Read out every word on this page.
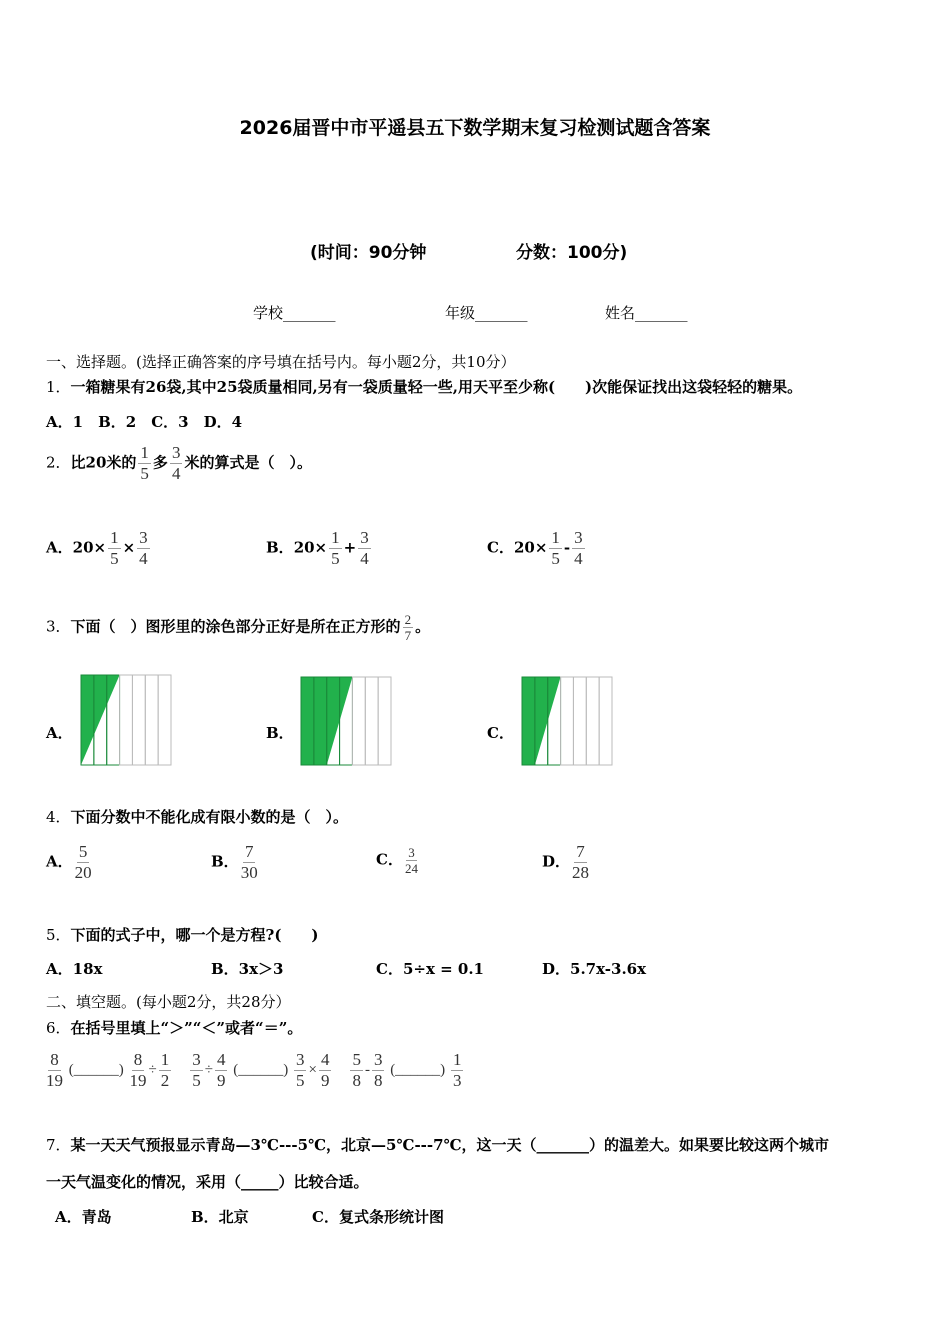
2026届晋中市平遥县五下数学期末复习检测试题含答案
(时间：90分钟	分数：100分)
学校_______	年级_______	姓名_______
一、选择题。(选择正确答案的序号填在括号内。每小题2分，共10分）
1．一箱糖果有26袋,其中25袋质量相同,另有一袋质量轻一些,用天平至少称(　　)次能保证找出这袋轻轻的糖果。
A．1　B．2　C．3　D．4
2．比20米的 $\frac{1}{5}$ 多 $\frac{3}{4}$ 米的算式是（　）。
A．$20\times \frac{1}{5} \times \frac{3}{4}$	B．$20\times \frac{1}{5} + \frac{3}{4}$	C．$20\times \frac{1}{5} - \frac{3}{4}$
3．下面（　）图形里的涂色部分正好是所在正方形的 $\frac{2}{7}$ 。
A．	B．	C．
4．下面分数中不能化成有限小数的是（　）。
A． $\frac{5}{20}$	B． $\frac{7}{30}$	C． $\frac{3}{24}$	D． $\frac{7}{28}$
5．下面的式子中，哪一个是方程?(　　)
A．18x	B．3x＞3	C．5÷x = 0.1	D．5.7x-3.6x
二、填空题。(每小题2分，共28分）
6．在括号里填上“＞”“＜”或者“＝”。
$\frac{8}{19}$ (______) $\frac{8}{19} \div \frac{1}{2}$
$\frac{3}{5} \div \frac{4}{9}$ (______) $\frac{3}{5} \times \frac{4}{9}$
$\frac{5}{8} - \frac{3}{8}$ (______) $\frac{1}{3}$
7．某一天天气预报显示青岛—3℃---5℃，北京—5℃---7℃，这一天（_______）的温差大。如果要比较这两个城市
一天气温变化的情况，采用（_____）比较合适。
A．青岛	B．北京	C．复式条形统计图
